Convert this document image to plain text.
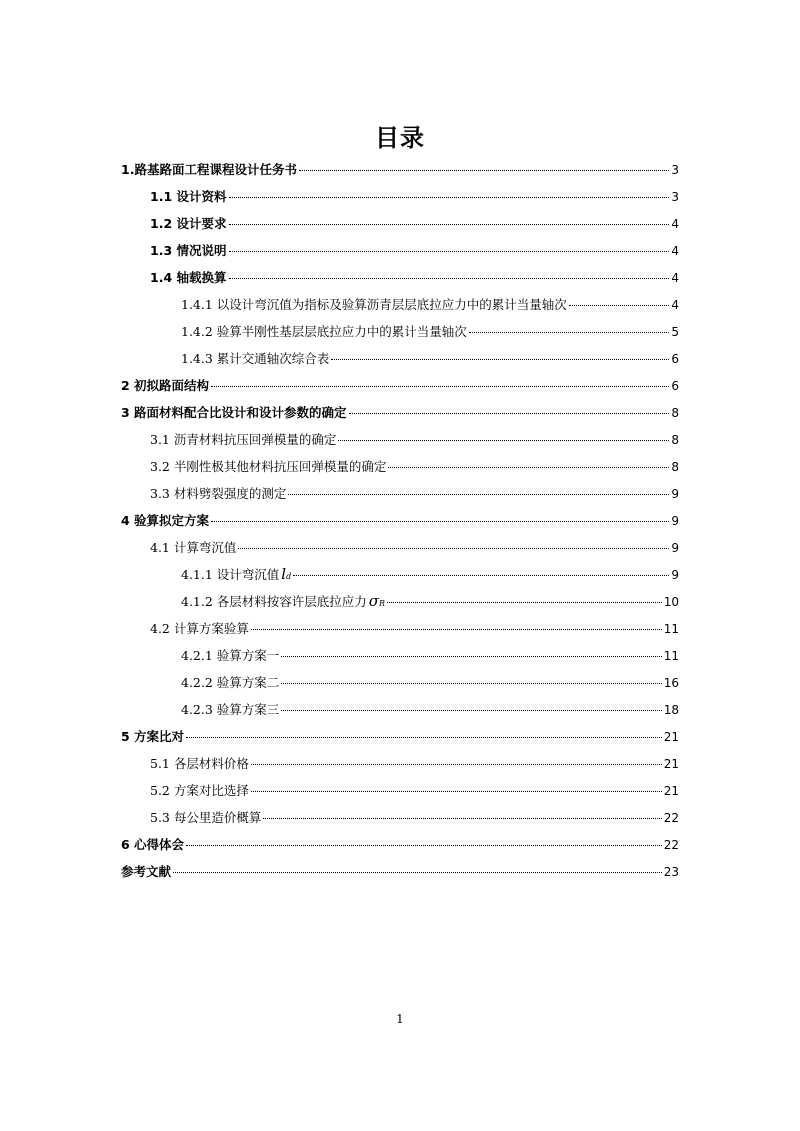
目录
1.路基路面工程课程设计任务书	3
1.1 设计资料	3
1.2 设计要求	4
1.3 情况说明	4
1.4 轴载换算	4
1.4.1 以设计弯沉值为指标及验算沥青层层底拉应力中的累计当量轴次	4
1.4.2 验算半刚性基层层底拉应力中的累计当量轴次	5
1.4.3 累计交通轴次综合表	6
2 初拟路面结构	6
3 路面材料配合比设计和设计参数的确定	8
3.1 沥青材料抗压回弹模量的确定	8
3.2 半刚性极其他材料抗压回弹模量的确定	8
3.3 材料劈裂强度的测定	9
4 验算拟定方案	9
4.1 计算弯沉值	9
4.1.1 设计弯沉值 l d	9
4.1.2 各层材料按容许层底拉应力 σ R	10
4.2 计算方案验算	11
4.2.1 验算方案一	11
4.2.2 验算方案二	16
4.2.3 验算方案三	18
5 方案比对	21
5.1 各层材料价格	21
5.2 方案对比选择	21
5.3 每公里造价概算	22
6 心得体会	22
参考文献	23
1
